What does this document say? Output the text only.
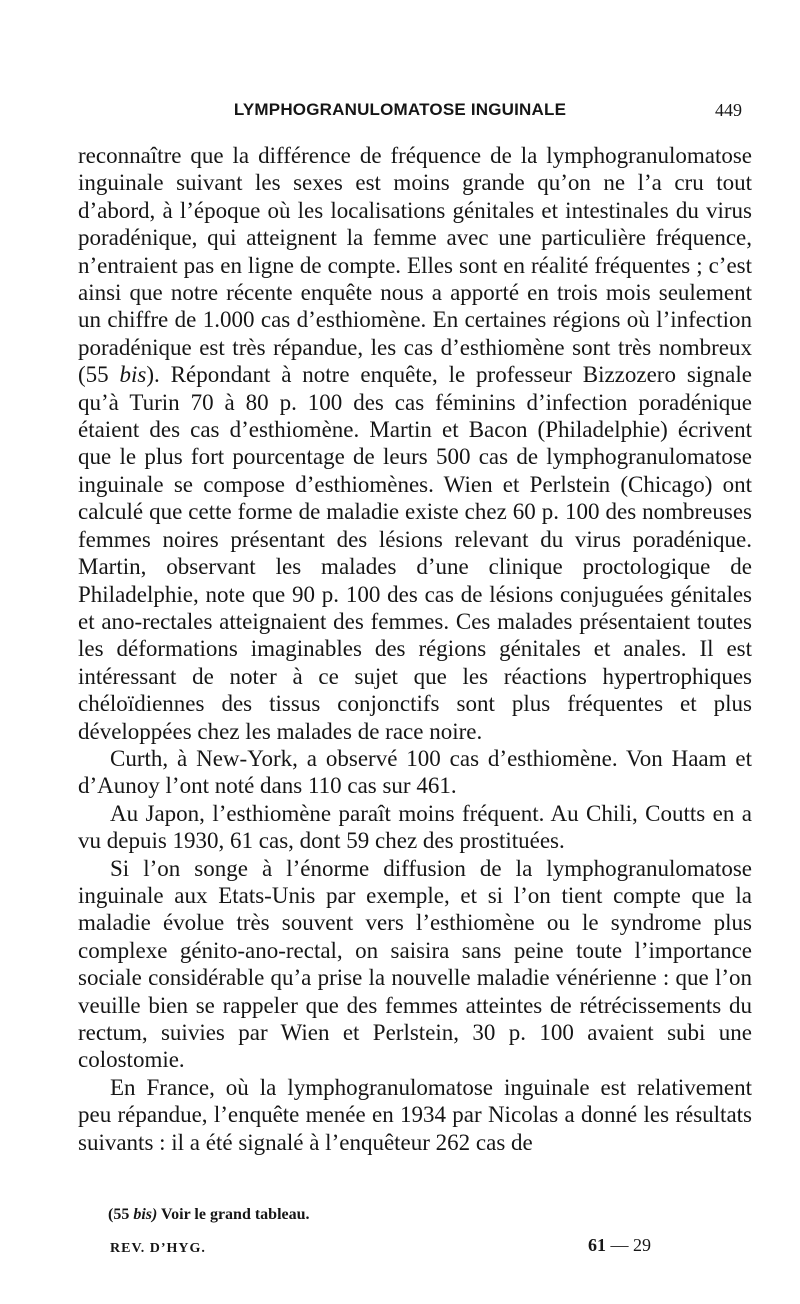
LYMPHOGRANULOMATOSE INGUINALE	449

reconnaître que la différence de fréquence de la lymphogranulomatose inguinale suivant les sexes est moins grande qu’on ne l’a cru tout d’abord, à l’époque où les localisations génitales et intestinales du virus poradénique, qui atteignent la femme avec une particulière fréquence, n’entraient pas en ligne de compte. Elles sont en réalité fréquentes ; c’est ainsi que notre récente enquête nous a apporté en trois mois seulement un chiffre de 1.000 cas d’esthiomène. En certaines régions où l’infection poradénique est très répandue, les cas d’esthiomène sont très nombreux (55 bis). Répondant à notre enquête, le professeur Bizzozero signale qu’à Turin 70 à 80 p. 100 des cas féminins d’infection poradénique étaient des cas d’esthiomène. Martin et Bacon (Philadelphie) écrivent que le plus fort pourcentage de leurs 500 cas de lymphogranulomatose inguinale se compose d’esthiomènes. Wien et Perlstein (Chicago) ont calculé que cette forme de maladie existe chez 60 p. 100 des nombreuses femmes noires présentant des lésions relevant du virus poradénique. Martin, observant les malades d’une clinique proctologique de Philadelphie, note que 90 p. 100 des cas de lésions conjuguées génitales et ano-rectales atteignaient des femmes. Ces malades présentaient toutes les déformations imaginables des régions génitales et anales. Il est intéressant de noter à ce sujet que les réactions hypertrophiques chéloïdiennes des tissus conjonctifs sont plus fréquentes et plus développées chez les malades de race noire.

Curth, à New-York, a observé 100 cas d’esthiomène. Von Haam et d’Aunoy l’ont noté dans 110 cas sur 461.

Au Japon, l’esthiomène paraît moins fréquent. Au Chili, Coutts en a vu depuis 1930, 61 cas, dont 59 chez des prostituées.

Si l’on songe à l’énorme diffusion de la lymphogranulomatose inguinale aux Etats-Unis par exemple, et si l’on tient compte que la maladie évolue très souvent vers l’esthiomène ou le syndrome plus complexe génito-ano-rectal, on saisira sans peine toute l’importance sociale considérable qu’a prise la nouvelle maladie vénérienne : que l’on veuille bien se rappeler que des femmes atteintes de rétrécissements du rectum, suivies par Wien et Perlstein, 30 p. 100 avaient subi une colostomie.

En France, où la lymphogranulomatose inguinale est relativement peu répandue, l’enquête menée en 1934 par Nicolas a donné les résultats suivants : il a été signalé à l’enquêteur 262 cas de

(55 bis) Voir le grand tableau.
REV. D’HYG.	61 — 29
